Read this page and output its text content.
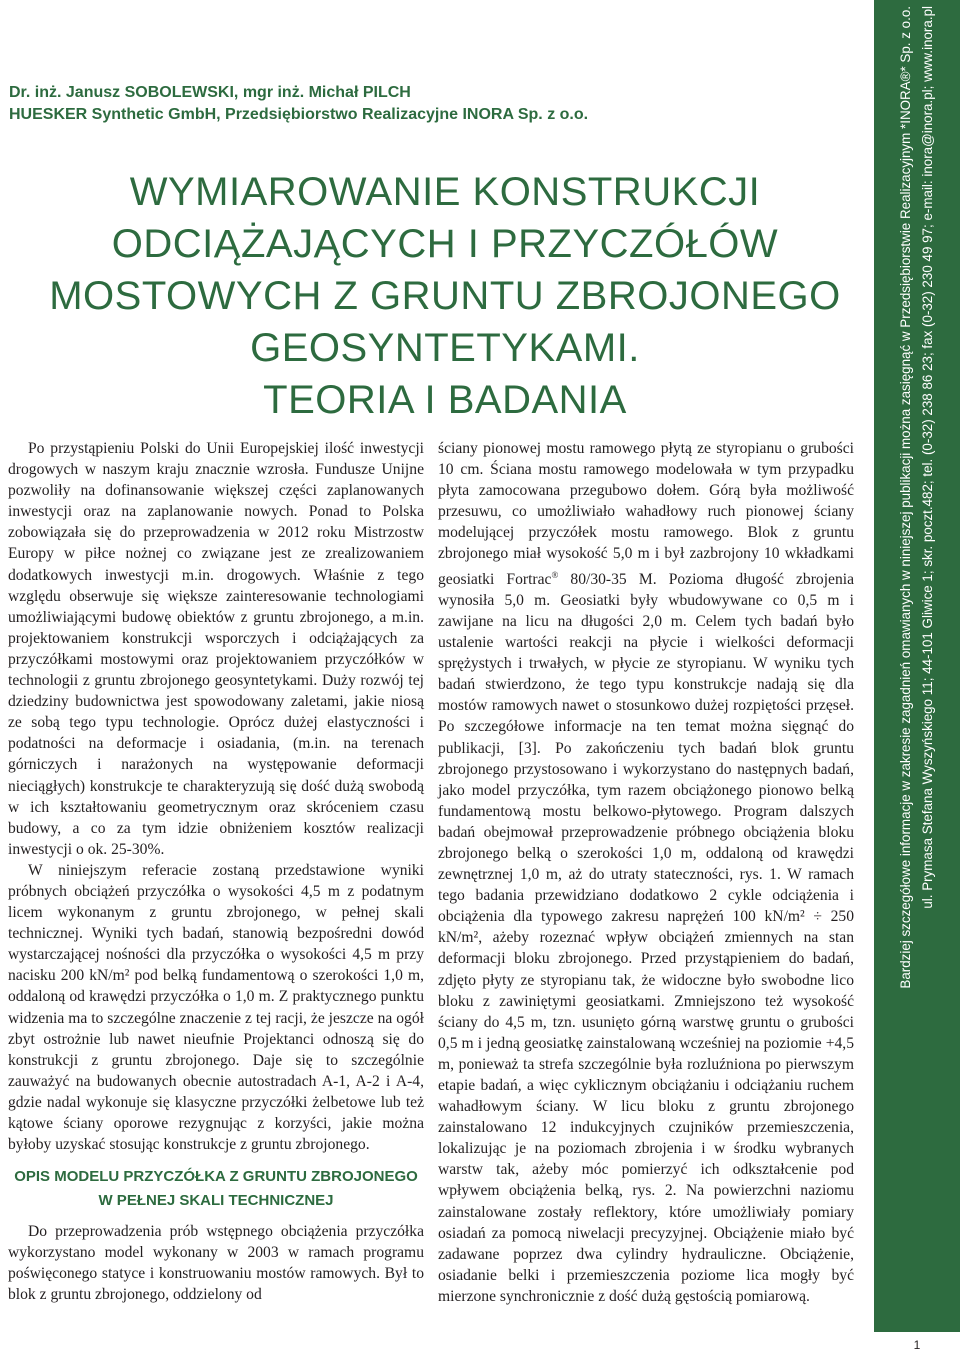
Dr. inż. Janusz SOBOLEWSKI, mgr inż. Michał PILCH
HUESKER Synthetic GmbH, Przedsiębiorstwo Realizacyjne INORA Sp. z o.o.
WYMIAROWANIE KONSTRUKCJI
ODCIĄŻAJĄCYCH I PRZYCZÓŁÓW
MOSTOWYCH Z GRUNTU ZBROJONEGO
GEOSYNTETYKAMI.
TEORIA I BADANIA

Po przystąpieniu Polski do Unii Europejskiej ilość inwestycji drogowych w naszym kraju znacznie wzrosła. Fundusze Unijne pozwoliły na dofinansowanie większej części zaplanowanych inwestycji oraz na zaplanowanie nowych. Ponad to Polska zobowiązała się do przeprowadzenia w 2012 roku Mistrzostw Europy w piłce nożnej co związane jest ze zrealizowaniem dodatkowych inwestycji m.in. drogowych. Właśnie z tego względu obserwuje się większe zainteresowanie technologiami umożliwiającymi budowę obiektów z gruntu zbrojonego, a m.in. projektowaniem konstrukcji wsporczych i odciążających za przyczółkami mostowymi oraz projektowaniem przyczółków w technologii z gruntu zbrojonego geosyntetykami. Duży rozwój tej dziedziny budownictwa jest spowodowany zaletami, jakie niosą ze sobą tego typu technologie. Oprócz dużej elastyczności i podatności na deformacje i osiadania, (m.in. na terenach górniczych i narażonych na występowanie deformacji nieciągłych) konstrukcje te charakteryzują się dość dużą swobodą w ich kształtowaniu geometrycznym oraz skróceniem czasu budowy, a co za tym idzie obniżeniem kosztów realizacji inwestycji o ok. 25-30%.

W niniejszym referacie zostaną przedstawione wyniki próbnych obciążeń przyczółka o wysokości 4,5 m z podatnym licem wykonanym z gruntu zbrojonego, w pełnej skali technicznej. Wyniki tych badań, stanowią bezpośredni dowód wystarczającej nośności dla przyczółka o wysokości 4,5 m przy nacisku 200 kN/m² pod belką fundamentową o szerokości 1,0 m, oddaloną od krawędzi przyczółka o 1,0 m. Z praktycznego punktu widzenia ma to szczególne znaczenie z tej racji, że jeszcze na ogół zbyt ostrożnie lub nawet nieufnie Projektanci odnoszą się do konstrukcji z gruntu zbrojonego. Daje się to szczególnie zauważyć na budowanych obecnie autostradach A-1, A-2 i A-4, gdzie nadal wykonuje się klasyczne przyczółki żelbetowe lub też kątowe ściany oporowe rezygnując z korzyści, jakie można byłoby uzyskać stosując konstrukcje z gruntu zbrojonego.

OPIS MODELU PRZYCZÓŁKA Z GRUNTU ZBROJONEGO W PEŁNEJ SKALI TECHNICZNEJ

Do przeprowadzenia prób wstępnego obciążenia przyczółka wykorzystano model wykonany w 2003 w ramach programu poświęconego statyce i konstruowaniu mostów ramowych. Był to blok z gruntu zbrojonego, oddzielony od

ściany pionowej mostu ramowego płytą ze styropianu o grubości 10 cm. Ściana mostu ramowego modelowała w tym przypadku płyta zamocowana przegubowo dołem. Górą była możliwość przesuwu, co umożliwiało wahadłowy ruch pionowej ściany modelującej przyczółek mostu ramowego. Blok z gruntu zbrojonego miał wysokość 5,0 m i był zazbrojony 10 wkładkami geosiatki Fortrac® 80/30-35 M. Pozioma długość zbrojenia wynosiła 5,0 m. Geosiatki były wbudowywane co 0,5 m i zawijane na licu na długości 2,0 m. Celem tych badań było ustalenie wartości reakcji na płycie i wielkości deformacji sprężystych i trwałych, w płycie ze styropianu. W wyniku tych badań stwierdzono, że tego typu konstrukcje nadają się dla mostów ramowych nawet o stosunkowo dużej rozpiętości przęseł. Po szczegółowe informacje na ten temat można sięgnąć do publikacji, [3]. Po zakończeniu tych badań blok gruntu zbrojonego przystosowano i wykorzystano do następnych badań, jako model przyczółka, tym razem obciążonego pionowo belką fundamentową mostu belkowo-płytowego. Program dalszych badań obejmował przeprowadzenie próbnego obciążenia bloku zbrojonego belką o szerokości 1,0 m, oddaloną od krawędzi zewnętrznej 1,0 m, aż do utraty stateczności, rys. 1. W ramach tego badania przewidziano dodatkowo 2 cykle odciążenia i obciążenia dla typowego zakresu naprężeń 100 kN/m² ÷ 250 kN/m², ażeby rozeznać wpływ obciążeń zmiennych na stan deformacji bloku zbrojonego. Przed przystąpieniem do badań, zdjęto płyty ze styropianu tak, że widoczne było swobodne lico bloku z zawiniętymi geosiatkami. Zmniejszono też wysokość ściany do 4,5 m, tzn. usunięto górną warstwę gruntu o grubości 0,5 m i jedną geosiatkę zainstalowaną wcześniej na poziomie +4,5 m, ponieważ ta strefa szczególnie była rozluźniona po pierwszym etapie badań, a więc cyklicznym obciążaniu i odciążaniu ruchem wahadłowym ściany. W licu bloku z gruntu zbrojonego zainstalowano 12 indukcyjnych czujników przemieszczenia, lokalizując je na poziomach zbrojenia i w środku wybranych warstw tak, ażeby móc pomierzyć ich odkształcenie pod wpływem obciążenia belką, rys. 2. Na powierzchni naziomu zainstalowane zostały reflektory, które umożliwiały pomiary osiadań za pomocą niwelacji precyzyjnej. Obciążenie miało być zadawane poprzez dwa cylindry hydrauliczne. Obciążenie, osiadanie belki i przemieszczenia poziome lica mogły być mierzone synchronicznie z dość dużą gęstością pomiarową.

Bardziej szczegółowe informacje w zakresie zagadnień omawianych w niniejszej publikacji można zasięgnąć w Przedsiębiorstwie Realizacyjnym *INORA®* Sp. z o.o. ul. Prymasa Stefana Wyszyńskiego 11; 44-101 Gliwice 1; skr. poczt.482; tel. (0-32) 238 86 23; fax (0-32) 230 49 97; e-mail: inora@inora.pl; www.inora.pl
1
